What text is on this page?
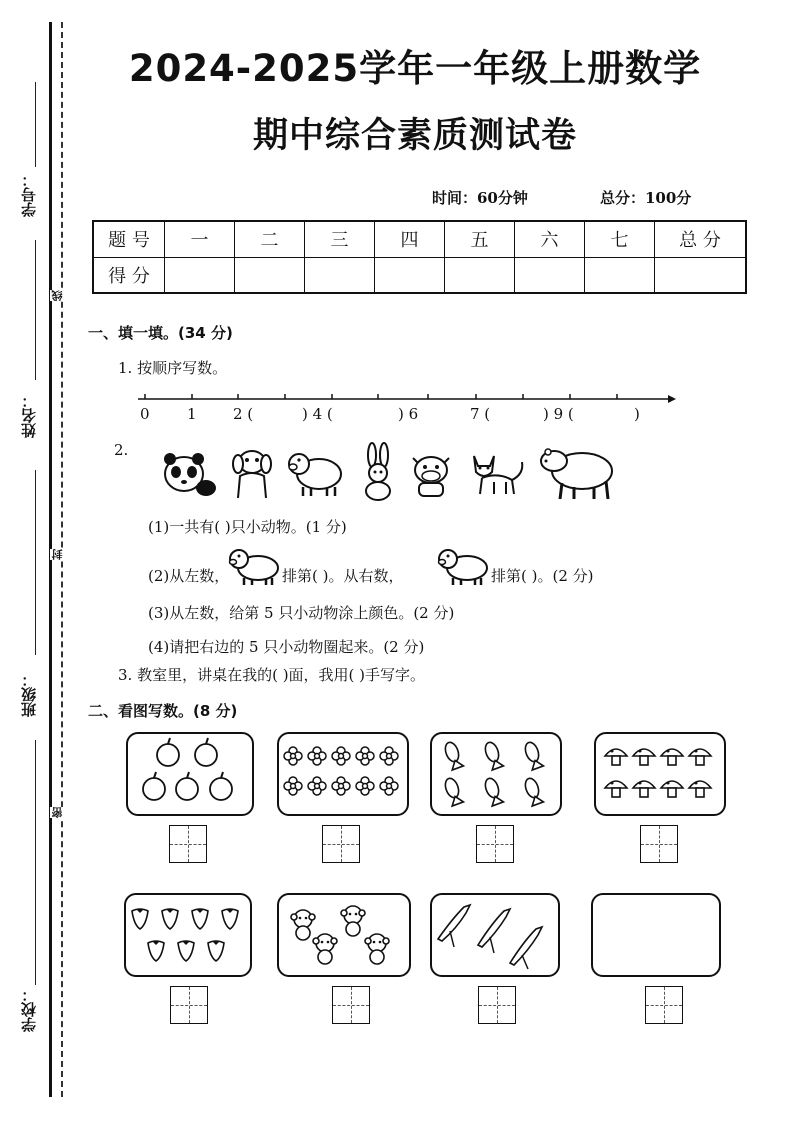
学号：
姓名：
班级：
学校：
线
封
密
2024-2025学年一年级上册数学
期中综合素质测试卷
时间：60分钟	总分：100分
题 号	一	二	三	四	五	六	七	总 分
得 分								
一、填一填。(34 分)
1. 按顺序写数。
0 1 2 (	) 4 (	) 6	7 (	) 9 (	)
2.
(1)一共有( )只小动物。(1 分)
(2)从左数，	排第( )。从右数，	排第( )。(2 分)
(3)从左数，给第 5 只小动物涂上颜色。(2 分)
(4)请把右边的 5 只小动物圈起来。(2 分)
3. 教室里，讲桌在我的( )面，我用( )手写字。
二、看图写数。(8 分)
